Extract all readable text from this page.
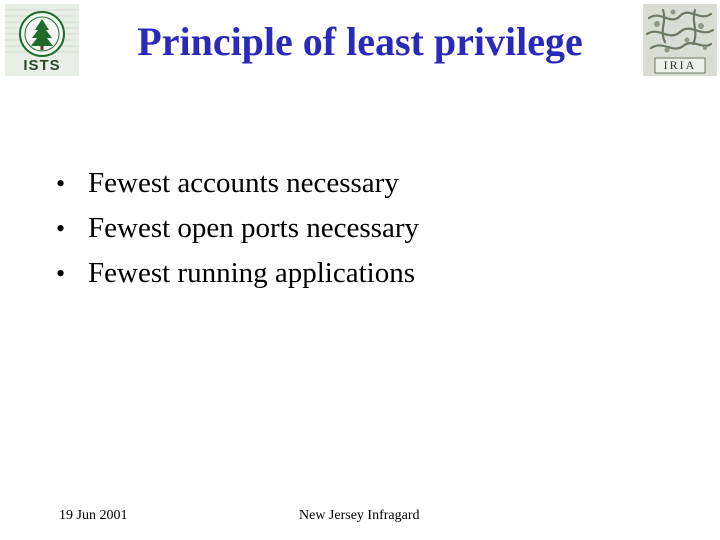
ISTS	IRIA
Principle of least privilege
• Fewest accounts necessary
• Fewest open ports necessary
• Fewest running applications
19 Jun 2001	New Jersey Infragard
